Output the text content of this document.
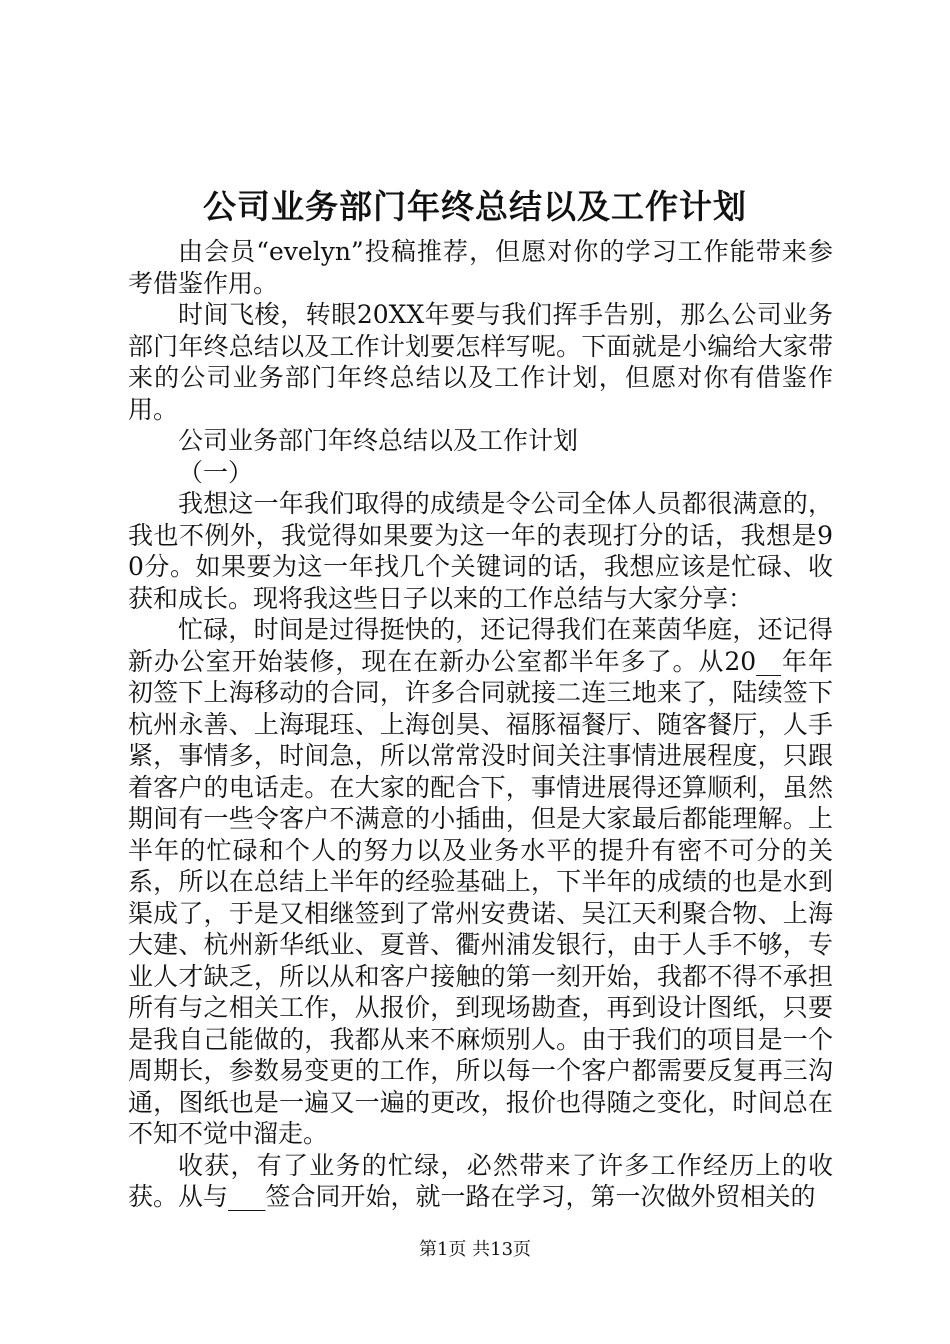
公司业务部门年终总结以及工作计划

由会员“evelyn”投稿推荐，但愿对你的学习工作能带来参考借鉴作用。

时间飞梭，转眼20XX年要与我们挥手告别，那么公司业务部门年终总结以及工作计划要怎样写呢。下面就是小编给大家带来的公司业务部门年终总结以及工作计划，但愿对你有借鉴作用。

公司业务部门年终总结以及工作计划

（一）

我想这一年我们取得的成绩是令公司全体人员都很满意的，我也不例外，我觉得如果要为这一年的表现打分的话，我想是90分。如果要为这一年找几个关键词的话，我想应该是忙碌、收获和成长。现将我这些日子以来的工作总结与大家分享：

忙碌，时间是过得挺快的，还记得我们在莱茵华庭，还记得新办公室开始装修，现在在新办公室都半年多了。从20__年年初签下上海移动的合同，许多合同就接二连三地来了，陆续签下杭州永善、上海琨珏、上海创昊、福豚福餐厅、随客餐厅，人手紧，事情多，时间急，所以常常没时间关注事情进展程度，只跟着客户的电话走。在大家的配合下，事情进展得还算顺利，虽然期间有一些令客户不满意的小插曲，但是大家最后都能理解。上半年的忙碌和个人的努力以及业务水平的提升有密不可分的关系，所以在总结上半年的经验基础上，下半年的成绩的也是水到渠成了，于是又相继签到了常州安费诺、吴江天利聚合物、上海大建、杭州新华纸业、夏普、衢州浦发银行，由于人手不够，专业人才缺乏，所以从和客户接触的第一刻开始，我都不得不承担所有与之相关工作，从报价，到现场勘查，再到设计图纸，只要是我自己能做的，我都从来不麻烦别人。由于我们的项目是一个周期长，参数易变更的工作，所以每一个客户都需要反复再三沟通，图纸也是一遍又一遍的更改，报价也得随之变化，时间总在不知不觉中溜走。

收获，有了业务的忙绿，必然带来了许多工作经历上的收获。从与___签合同开始，就一路在学习，第一次做外贸相关的

第1页 共13页
